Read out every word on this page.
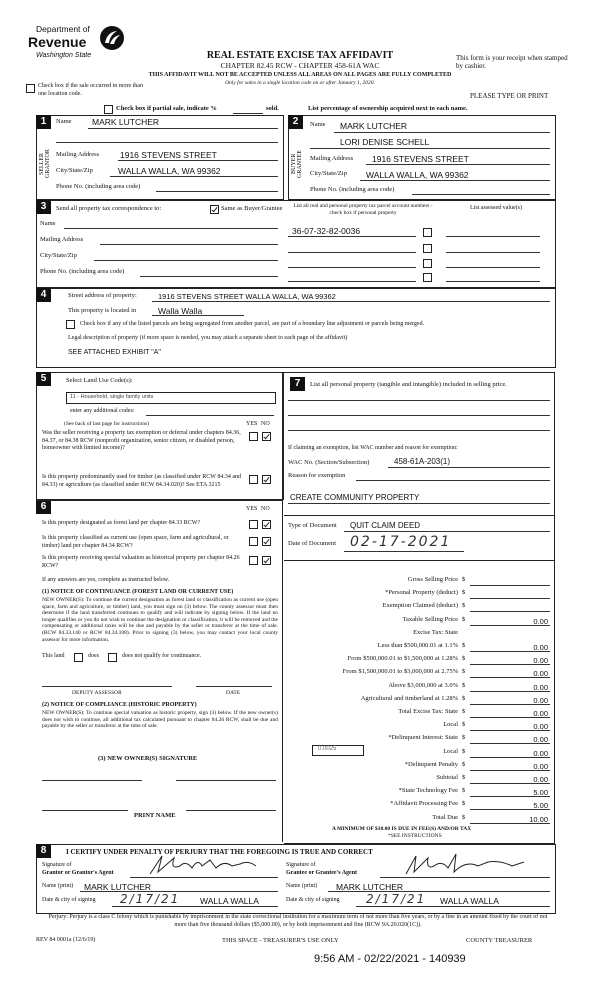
Department of
Revenue
Washington State	REAL ESTATE EXCISE TAX AFFIDAVIT
CHAPTER 82.45 RCW - CHAPTER 458-61A WAC
THIS AFFIDAVIT WILL NOT BE ACCEPTED UNLESS ALL AREAS ON ALL PAGES ARE FULLY COMPLETED
Only for sales in a single location code on or after January 1, 2020.
This form is your receipt when stamped by cashier.
PLEASE TYPE OR PRINT
Check box if the sale occurred in more than one location code.
Check box if partial sale, indicate %	sold.	List percentage of ownership acquired next to each name.
1
SELLER GRANTOR
Name MARK LUTCHER
Mailing Address 1916 STEVENS STREET
City/State/Zip	WALLA WALLA, WA 99362
Phone No. (including area code)
2
BUYER GRANTEE
Name MARK LUTCHER
LORI DENISE SCHELL
Mailing Address 1916 STEVENS STREET
City/State/Zip WALLA WALLA, WA 99362
Phone No. (including area code)
3	Send all property tax correspondence to:	Same as Buyer/Grantee
Name
Mailing Address
City/State/Zip
Phone No. (including area code)
List all real and personal property tax parcel account numbers - check box if personal property
List assessed value(s)
36-07-32-82-0036
4	Street address of property:	1916 STEVENS STREET WALLA WALLA, WA 99362
This property is located in	Walla Walla
Check box if any of the listed parcels are being segregated from another parcel, are part of a boundary line adjustment or parcels being merged.
Legal description of property (if more space is needed, you may attach a separate sheet to each page of the affidavit)
SEE ATTACHED EXHIBIT "A"
5	Select Land Use Code(s):
11 - Household, single family units
enter any additional codes:
(See back of last page for instructions)	YES NO
Was the seller receiving a property tax exemption or deferral under chapters 84.36, 84.37, or 84.38 RCW (nonprofit organization, senior citizen, or disabled person, homeowner with limited income)?
Is this property predominantly used for timber (as classified under RCW 84.34 and 84.33) or agriculture (as classified under RCW 84.34.020)? See ETA 3215
6	YES NO
Is this property designated as forest land per chapter 84.33 RCW?
Is this property classified as current use (open space, farm and agricultural, or timber) land per chapter 84.34 RCW?
Is this property receiving special valuation as historical property per chapter 84.26 RCW?
If any answers are yes, complete as instructed below.
(1) NOTICE OF CONTINUANCE (FOREST LAND OR CURRENT USE)
NEW OWNER(S): To continue the current designation as forest land or classification as current use (open space, farm and agriculture, or timber) land, you must sign on (3) below. The county assessor must then determine if the land transferred continues to qualify and will indicate by signing below. If the land no longer qualifies or you do not wish to continue the designation or classification, it will be removed and the compensating or additional taxes will be due and payable by the seller or transferor at the time of sale. (RCW 84.33.140 or RCW 84.34.108). Prior to signing (3) below, you may contact your local county assessor for more information.
This land	does	does not qualify for continuance.
DEPUTY ASSESSOR	DATE
(2) NOTICE OF COMPLIANCE (HISTORIC PROPERTY)
NEW OWNER(S): To continue special valuation as historic property, sign (3) below. If the new owner(s) does not wish to continue, all additional tax calculated pursuant to chapter 84.26 RCW, shall be due and payable by the seller or transferor at the time of sale.
(3) NEW OWNER(S) SIGNATURE
PRINT NAME
7	List all personal property (tangible and intangible) included in selling price.
If claiming an exemption, list WAC number and reason for exemption:
WAC No. (Section/Subsection)	458-61A-203(1)
Reason for exemption
CREATE COMMUNITY PROPERTY
Type of Document QUIT CLAIM DEED
Date of Document 02-17-2021
Gross Selling Price $
*Personal Property (deduct) $
Exemption Claimed (deduct) $
Taxable Selling Price $	0.00
Excise Tax: State
Less than $500,000.01 at 1.1% $	0.00
From $500,000.01 to $1,500,000 at 1.28% $	0.00
From $1,500,000.01 to $3,000,000 at 2.75% $	0.00
Above $3,000,000 at 3.0% $	0.00
Agricultural and timberland at 1.28% $	0.00
Total Excise Tax: State $	0.00
Local $	0.00
*Delinquent Interest: State $	0.00
Local $	0.00
*Delinquent Penalty $	0.00
Subtotal $	0.00
*State Technology Fee $	5.00
*Affidavit Processing Fee $	5.00
Total Due $	10.00
0.0025
A MINIMUM OF $10.00 IS DUE IN FEE(S) AND/OR TAX
*SEE INSTRUCTIONS
8	I CERTIFY UNDER PENALTY OF PERJURY THAT THE FOREGOING IS TRUE AND CORRECT
Signature of
Grantor or Grantor's Agent
Signature of
Grantee or Grantee's Agent
Name (print) MARK LUTCHER	Name (print) MARK LUTCHER
Date & city of signing 2/17/21 WALLA WALLA	Date & city of signing 2/17/21 WALLA WALLA
Perjury: Perjury is a class C felony which is punishable by imprisonment in the state correctional institution for a maximum term of not more than five years, or by a fine in an amount fixed by the court of not more than five thousand dollars ($5,000.00), or by both imprisonment and fine (RCW 9A.20.020(1C)).
REV 84 0001a (12/6/19)	THIS SPACE - TREASURER'S USE ONLY	COUNTY TREASURER
9:56 AM - 02/22/2021 - 140939
